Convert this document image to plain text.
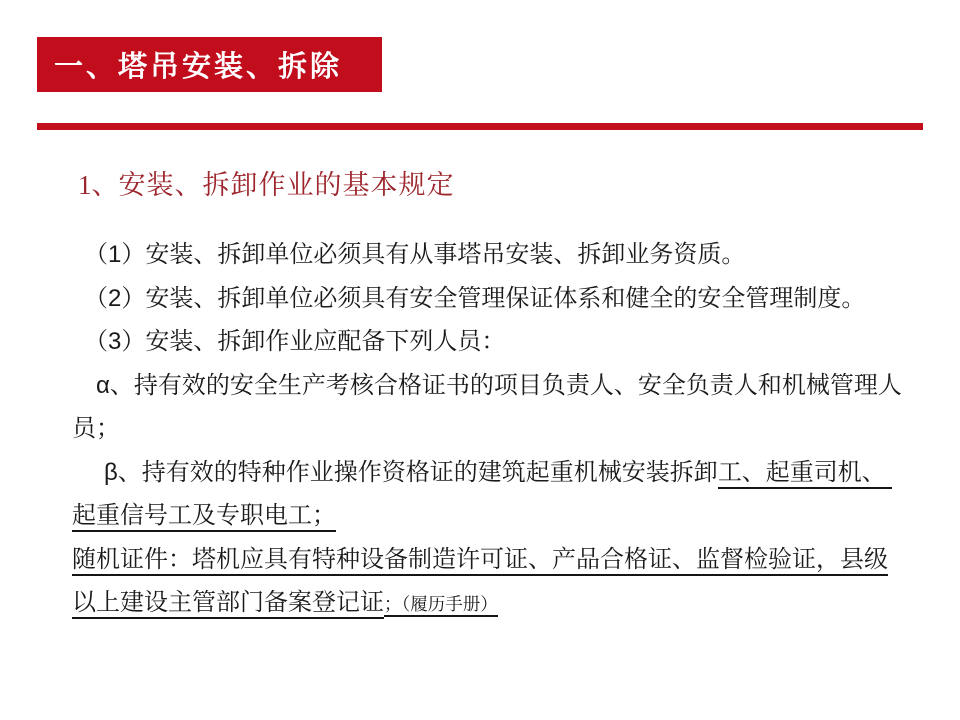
一、塔吊安装、拆除
1、安装、拆卸作业的基本规定
（1）安装、拆卸单位必须具有从事塔吊安装、拆卸业务资质。
（2）安装、拆卸单位必须具有安全管理保证体系和健全的安全管理制度。
（3）安装、拆卸作业应配备下列人员：
α、持有效的安全生产考核合格证书的项目负责人、安全负责人和机械管理人
员；
β、持有效的特种作业操作资格证的建筑起重机械安装拆卸工、起重司机、
起重信号工及专职电工；
随机证件：塔机应具有特种设备制造许可证、产品合格证、监督检验证，县级
以上建设主管部门备案登记证；（履历手册）
